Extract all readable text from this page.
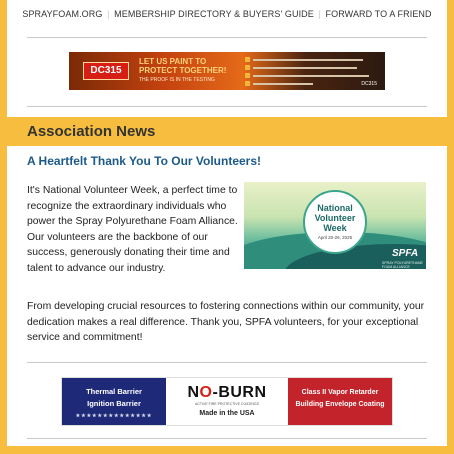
SPRAYFOAM.ORG | MEMBERSHIP DIRECTORY & BUYERS' GUIDE | FORWARD TO A FRIEND
DC315
LET US PAINT TO
PROTECT TOGETHER!
THE PROOF IS IN THE TESTING
DC315
Association News
A Heartfelt Thank You To Our Volunteers!
It's National Volunteer Week, a perfect time to recognize the extraordinary individuals who power the Spray Polyurethane Foam Alliance. Our volunteers are the backbone of our success, generously donating their time and talent to advance our industry.
National
Volunteer
Week
April 20-26, 2025
SPFA
SPRAY POLYURETHANE FOAM ALLIANCE
From developing crucial resources to fostering connections within our community, your dedication makes a real difference. Thank you, SPFA volunteers, for your exceptional service and commitment!
Thermal Barrier
Ignition Barrier
★★★★★★★★★★★★★★
NO-BURN
ACTIVE FIRE PROTECTIVE COATINGS
Made in the USA
Class II Vapor Retarder
Building Envelope Coating
